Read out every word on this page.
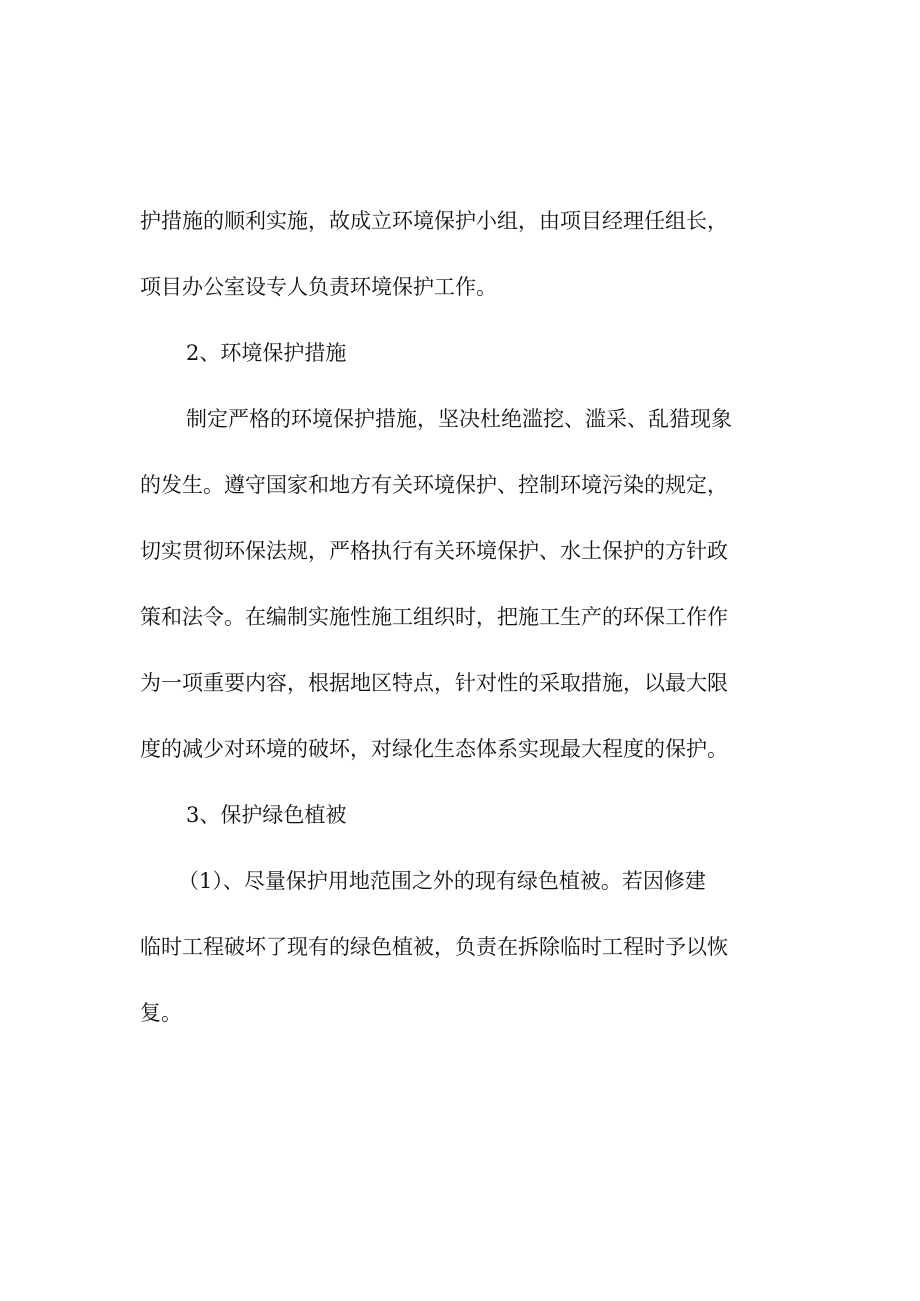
护措施的顺利实施，故成立环境保护小组，由项目经理任组长，
项目办公室设专人负责环境保护工作。
2、环境保护措施
制定严格的环境保护措施，坚决杜绝滥挖、滥采、乱猎现象
的发生。遵守国家和地方有关环境保护、控制环境污染的规定，
切实贯彻环保法规，严格执行有关环境保护、水土保护的方针政
策和法令。在编制实施性施工组织时，把施工生产的环保工作作
为一项重要内容，根据地区特点，针对性的采取措施，以最大限
度的减少对环境的破坏，对绿化生态体系实现最大程度的保护。
3、保护绿色植被
（1）、尽量保护用地范围之外的现有绿色植被。若因修建
临时工程破坏了现有的绿色植被，负责在拆除临时工程时予以恢
复。
